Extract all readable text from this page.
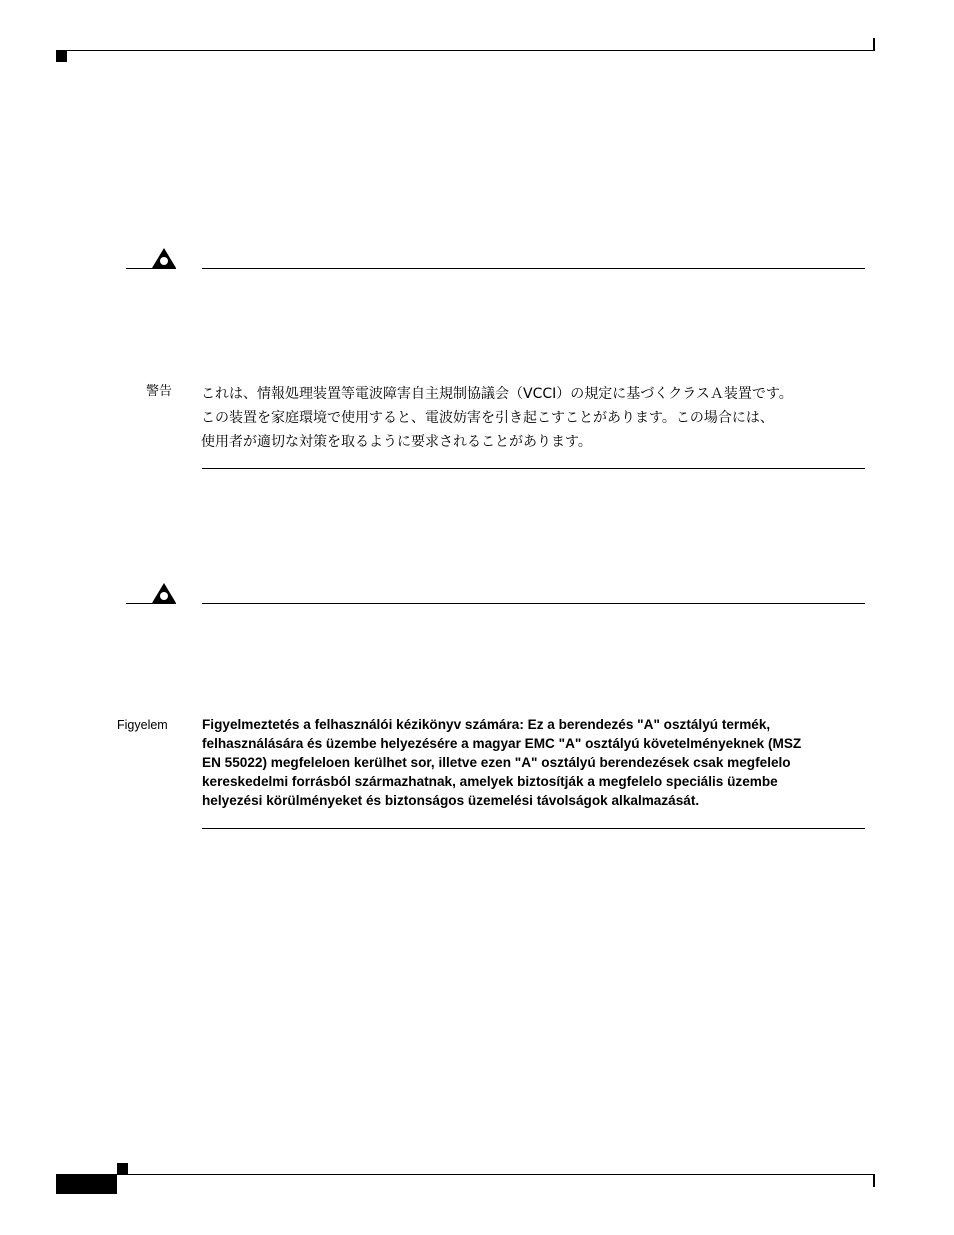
警告 これは、情報処理装置等電波障害自主規制協議会（VCCI）の規定に基づくクラスＡ装置です。
この装置を家庭環境で使用すると、電波妨害を引き起こすことがあります。この場合には、
使用者が適切な対策を取るように要求されることがあります。
Figyelem	Figyelmeztetés a felhasználói kézikönyv számára: Ez a berendezés "A" osztályú termék,
felhasználására és üzembe helyezésére a magyar EMC "A" osztályú követelményeknek (MSZ
EN 55022) megfeleloen kerülhet sor, illetve ezen "A" osztályú berendezések csak megfelelo
kereskedelmi forrásból származhatnak, amelyek biztosítják a megfelelo speciális üzembe
helyezési körülményeket és biztonságos üzemelési távolságok alkalmazását.
